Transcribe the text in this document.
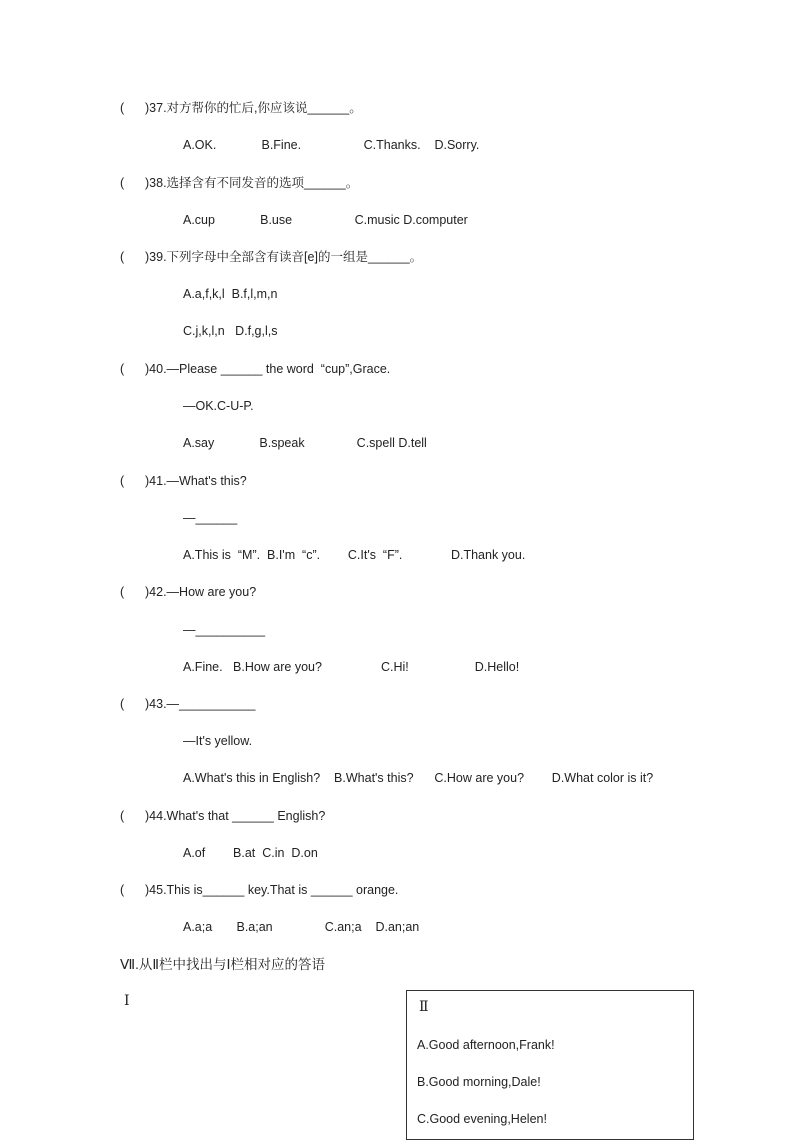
(      )37.对方帮你的忙后,你应该说______。
A.OK.             B.Fine.                  C.Thanks.    D.Sorry.
(      )38.选择含有不同发音的选项______。
A.cup             B.use                  C.music D.computer
(      )39.下列字母中全部含有读音[e]的一组是______。
A.a,f,k,l  B.f,l,m,n
C.j,k,l,n   D.f,g,l,s
(      )40.—Please ______ the word  “cup”,Grace.
—OK.C-U-P.
A.say             B.speak               C.spell D.tell
(      )41.—What's this?
—______
A.This is  “M”.  B.I'm  “c”.        C.It's  “F”.              D.Thank you.
(      )42.—How are you?
—__________
A.Fine.   B.How are you?                 C.Hi!                   D.Hello!
(      )43.—___________
—It's yellow.
A.What's this in English?    B.What's this?      C.How are you?        D.What color is it?
(      )44.What's that ______ English?
A.of        B.at  C.in  D.on
(      )45.This is______ key.That is ______ orange.
A.a;a       B.a;an               C.an;a    D.an;an
Ⅶ.从Ⅱ栏中找出与Ⅰ栏相对应的答语
Ⅰ	Ⅱ
A.Good afternoon,Frank!
B.Good morning,Dale!
C.Good evening,Helen!
